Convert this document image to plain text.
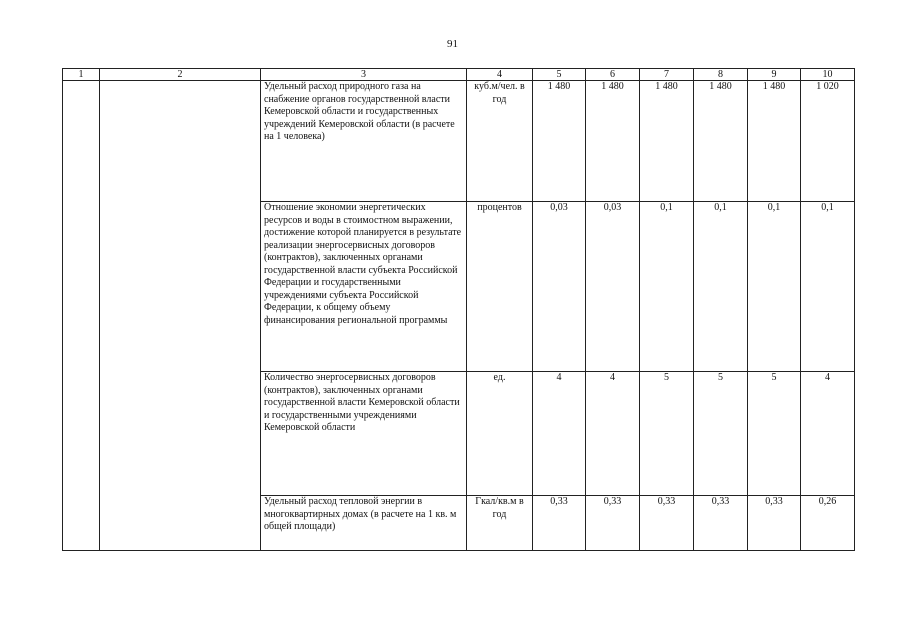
91
1	2	3	4	5	6	7	8	9	10
		Удельный расход природного газа на снабжение органов государственной власти Кемеровской области и государственных учреждений Кемеровской области (в расчете на 1 человека)	куб.м/чел. в год	1 480	1 480	1 480	1 480	1 480	1 020
		Отношение экономии энергетических ресурсов и воды в стоимостном выражении, достижение которой планируется в результате реализации энергосервисных договоров (контрактов), заключенных органами государственной власти субъекта Российской Федерации и государственными учреждениями субъекта Российской Федерации, к общему объему финансирования региональной программы	процентов	0,03	0,03	0,1	0,1	0,1	0,1
		Количество энергосервисных договоров (контрактов), заключенных органами государственной власти Кемеровской области и государственными учреждениями Кемеровской области	ед.	4	4	5	5	5	4
		Удельный расход тепловой энергии в многоквартирных домах (в расчете на 1 кв. м общей площади)	Гкал/кв.м в год	0,33	0,33	0,33	0,33	0,33	0,26
